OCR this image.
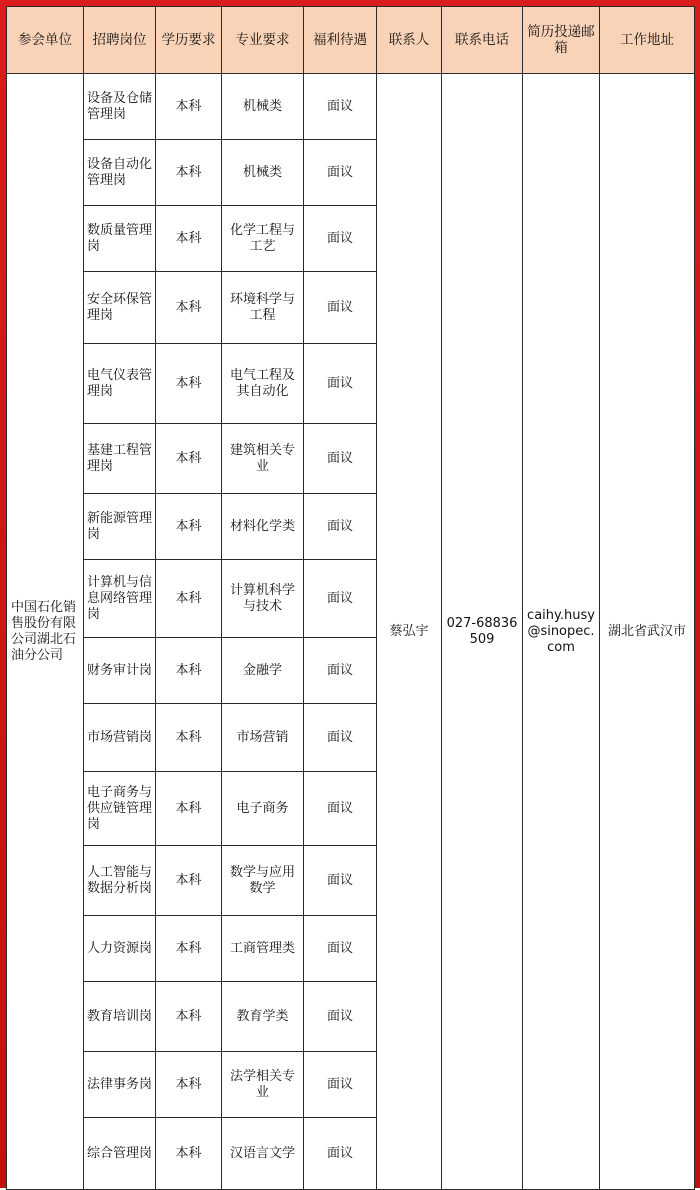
参会单位	招聘岗位	学历要求	专业要求	福利待遇	联系人	联系电话	简历投递邮箱	工作地址
中国石化销售股份有限公司湖北石油分公司	设备及仓储管理岗	本科	机械类	面议	蔡弘宇	027-68836509	caihy.husy@sinopec.com	湖北省武汉市
	设备自动化管理岗	本科	机械类	面议				
	数质量管理岗	本科	化学工程与工艺	面议				
	安全环保管理岗	本科	环境科学与工程	面议				
	电气仪表管理岗	本科	电气工程及其自动化	面议				
	基建工程管理岗	本科	建筑相关专业	面议				
	新能源管理岗	本科	材料化学类	面议				
	计算机与信息网络管理岗	本科	计算机科学与技术	面议				
	财务审计岗	本科	金融学	面议				
	市场营销岗	本科	市场营销	面议				
	电子商务与供应链管理岗	本科	电子商务	面议				
	人工智能与数据分析岗	本科	数学与应用数学	面议				
	人力资源岗	本科	工商管理类	面议				
	教育培训岗	本科	教育学类	面议				
	法律事务岗	本科	法学相关专业	面议				
	综合管理岗	本科	汉语言文学	面议				
